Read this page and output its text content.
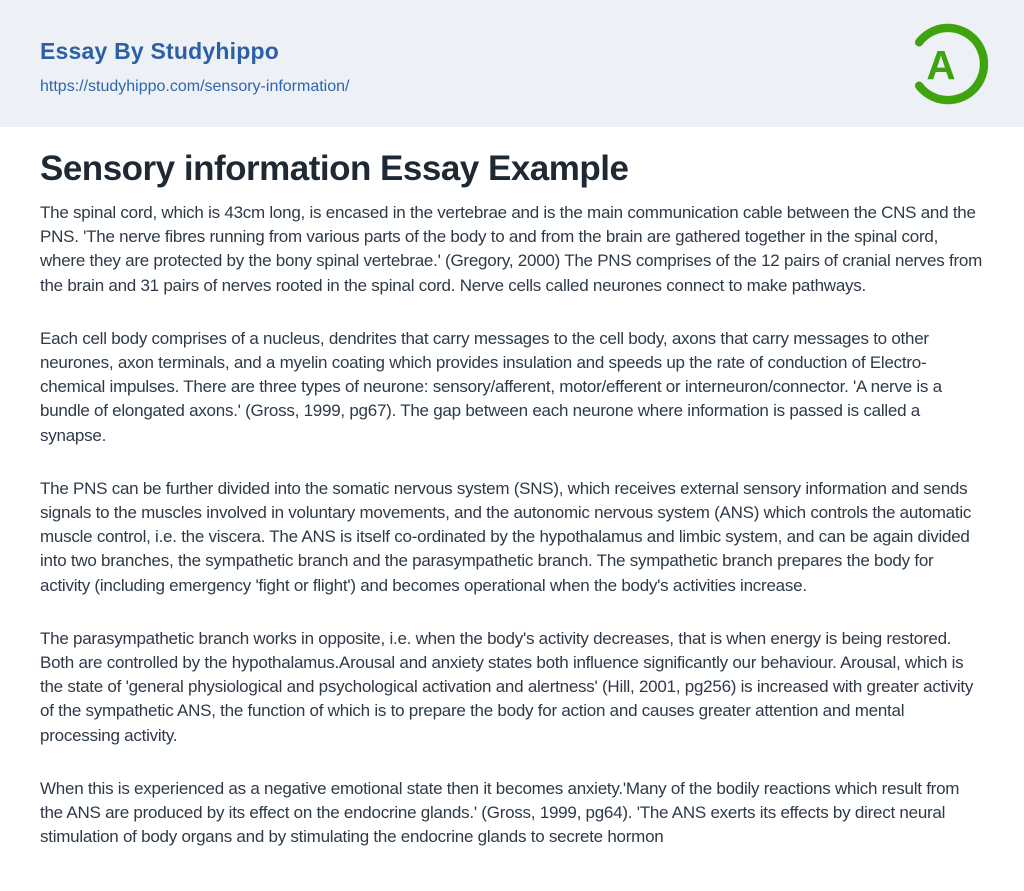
Essay By Studyhippo
https://studyhippo.com/sensory-information/	A
Sensory information Essay Example

The spinal cord, which is 43cm long, is encased in the vertebrae and is the main communication cable between the CNS and the PNS. 'The nerve fibres running from various parts of the body to and from the brain are gathered together in the spinal cord, where they are protected by the bony spinal vertebrae.' (Gregory, 2000) The PNS comprises of the 12 pairs of cranial nerves from the brain and 31 pairs of nerves rooted in the spinal cord. Nerve cells called neurones connect to make pathways.

Each cell body comprises of a nucleus, dendrites that carry messages to the cell body, axons that carry messages to other neurones, axon terminals, and a myelin coating which provides insulation and speeds up the rate of conduction of Electro-chemical impulses. There are three types of neurone: sensory/afferent, motor/efferent or interneuron/connector. 'A nerve is a bundle of elongated axons.' (Gross, 1999, pg67). The gap between each neurone where information is passed is called a synapse.

The PNS can be further divided into the somatic nervous system (SNS), which receives external sensory information and sends signals to the muscles involved in voluntary movements, and the autonomic nervous system (ANS) which controls the automatic muscle control, i.e. the viscera. The ANS is itself co-ordinated by the hypothalamus and limbic system, and can be again divided into two branches, the sympathetic branch and the parasympathetic branch. The sympathetic branch prepares the body for activity (including emergency 'fight or flight') and becomes operational when the body's activities increase.

The parasympathetic branch works in opposite, i.e. when the body's activity decreases, that is when energy is being restored. Both are controlled by the hypothalamus.Arousal and anxiety states both influence significantly our behaviour. Arousal, which is the state of 'general physiological and psychological activation and alertness' (Hill, 2001, pg256) is increased with greater activity of the sympathetic ANS, the function of which is to prepare the body for action and causes greater attention and mental processing activity.

When this is experienced as a negative emotional state then it becomes anxiety.'Many of the bodily reactions which result from the ANS are produced by its effect on the endocrine glands.' (Gross, 1999, pg64). 'The ANS exerts its effects by direct neural stimulation of body organs and by stimulating the endocrine glands to secrete hormon
